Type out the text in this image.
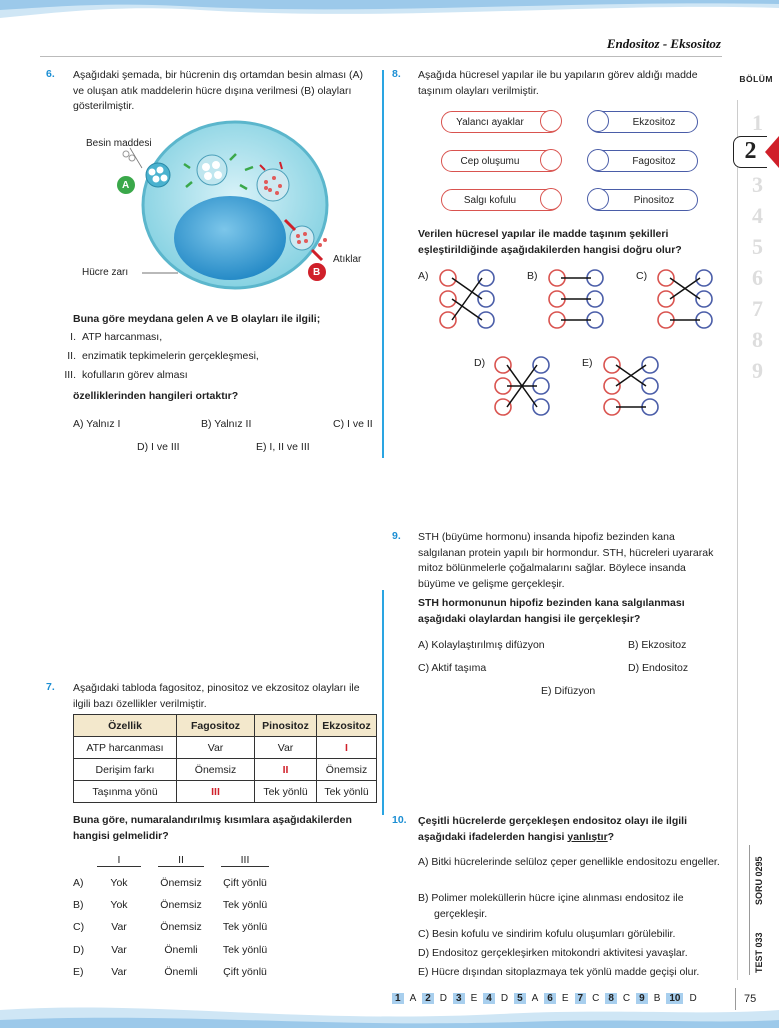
Endositoz - Eksositoz
BÖLÜM
1
2
3
4
5
6
7
8
9
TEST 033
SORU 0295
6. Aşağıdaki şemada, bir hücrenin dış ortamdan besin alması (A) ve oluşan atık maddelerin hücre dışına verilmesi (B) olayları gösterilmiştir.
Besin maddesi
Hücre zarı
Atıklar
A
B
Buna göre meydana gelen A ve B olayları ile ilgili;
I. ATP harcanması,
II. enzimatik tepkimelerin gerçekleşmesi,
III. kofulların görev alması
özelliklerinden hangileri ortaktır?
A) Yalnız I	B) Yalnız II	C) I ve II
D) I ve III	E) I, II ve III
7. Aşağıdaki tabloda fagositoz, pinositoz ve ekzositoz olayları ile ilgili bazı özellikler verilmiştir.
Özellik	Fagositoz	Pinositoz	Ekzositoz
ATP harcanması	Var	Var	I
Derişim farkı	Önemsiz	II	Önemsiz
Taşınma yönü	III	Tek yönlü	Tek yönlü
Buna göre, numaralandırılmış kısımlara aşağıdakilerden hangisi gelmelidir?
I	II	III
A)	Yok	Önemsiz	Çift yönlü
B)	Yok	Önemsiz	Tek yönlü
C)	Var	Önemsiz	Tek yönlü
D)	Var	Önemli	Tek yönlü
E)	Var	Önemli	Çift yönlü
8. Aşağıda hücresel yapılar ile bu yapıların görev aldığı madde taşınım olayları verilmiştir.
Yalancı ayaklar
Cep oluşumu
Salgı kofulu
Ekzositoz
Fagositoz
Pinositoz
Verilen hücresel yapılar ile madde taşınım şekilleri eşleştirildiğinde aşağıdakilerden hangisi doğru olur?
A)	B)	C)
D)	E)
9. STH (büyüme hormonu) insanda hipofiz bezinden kana salgılanan protein yapılı bir hormondur. STH, hücreleri uyararak mitoz bölünmelerle çoğalmalarını sağlar. Böylece insanda büyüme ve gelişme gerçekleşir.
STH hormonunun hipofiz bezinden kana salgılanması aşağıdaki olaylardan hangisi ile gerçekleşir?
A) Kolaylaştırılmış difüzyon	B) Ekzositoz
C) Aktif taşıma	D) Endositoz
E) Difüzyon
10. Çeşitli hücrelerde gerçekleşen endositoz olayı ile ilgili aşağıdaki ifadelerden hangisi yanlıştır?
A) Bitki hücrelerinde selüloz çeper genellikle endositozu engeller.
B) Polimer moleküllerin hücre içine alınması endositoz ile gerçekleşir.
C) Besin kofulu ve sindirim kofulu oluşumları görülebilir.
D) Endositoz gerçekleşirken mitokondri aktivitesi yavaşlar.
E) Hücre dışından sitoplazmaya tek yönlü madde geçişi olur.
1 A 2 D 3 E 4 D 5 A 6 E 7 C 8 C 9 B 10 D	75
